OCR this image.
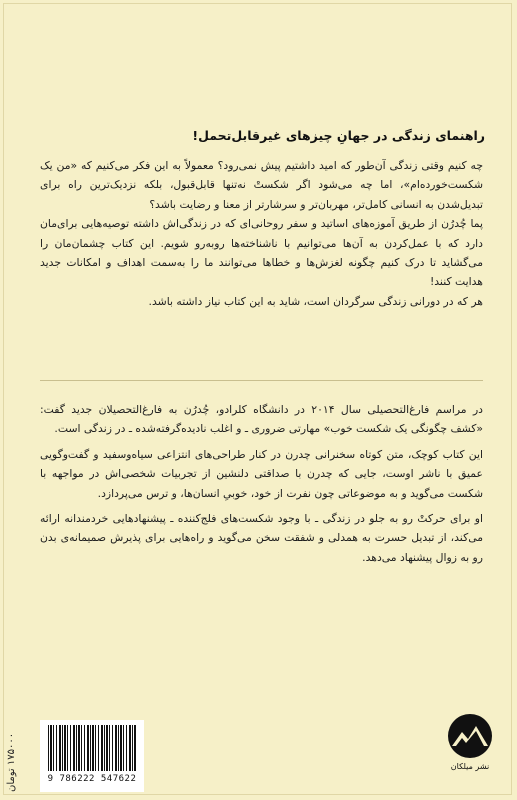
راهنمای زندگی در جهانِ چیزهای غیرقابل‌تحمل!

چه کنیم وقتی زندگی آن‌طور که امید داشتیم پیش نمی‌رود؟ معمولاً به این فکر می‌کنیم که «من یک شکست‌خورده‌ام»، اما چه می‌شود اگر شکستْ نه‌تنها قابل‌قبول، بلکه نزدیک‌ترین راه برای تبدیل‌شدن به انسانی کامل‌تر، مهربان‌تر و سرشارتر از معنا و رضایت باشد؟

پما چُدرُن از طریق آموزه‌های اساتید و سفر روحانی‌ای که در زندگی‌اش داشته توصیه‌هایی برای‌مان دارد که با عمل‌کردن به آن‌ها می‌توانیم با ناشناخته‌ها روبه‌رو شویم. این کتاب چشمان‌مان را می‌گشاید تا درک کنیم چگونه لغزش‌ها و خطاها می‌توانند ما را به‌سمت اهداف و امکانات جدید هدایت کنند!

هر که در دورانی زندگی سرگردان است، شاید به این کتاب نیاز داشته باشد.

در مراسم فارغ‌التحصیلی سال ۲۰۱۴ در دانشگاه کلرادو، چُدرُن به فارغ‌التحصیلان جدید گفت: «کشف چگونگی یک شکست خوب» مهارتی ضروری ـ و اغلب نادیده‌گرفته‌شده ـ در زندگی است.

این کتاب کوچک، متن کوتاه سخنرانی چدرن در کنار طراحی‌های انتزاعی سیاه‌وسفید و گفت‌وگویی عمیق با ناشر اوست، جایی که چدرن با صداقتی دلنشین از تجربیات شخصی‌اش در مواجهه با شکست می‌گوید و به موضوعاتی چون نفرت از خود، خوبیِ انسان‌ها، و ترس می‌پردازد.

او برای حرکتْ رو به جلو در زندگی ـ با وجود شکست‌های فلج‌کننده ـ پیشنهادهایی خردمندانه ارائه می‌کند، از تبدیل حسرت به همدلی و شفقت سخن می‌گوید و راه‌هایی برای پذیرش صمیمانه‌ی بدن رو به زوال پیشنهاد می‌دهد.

۱۷۵۰۰۰ تومان
9 786222 547622
نشر میلکان
